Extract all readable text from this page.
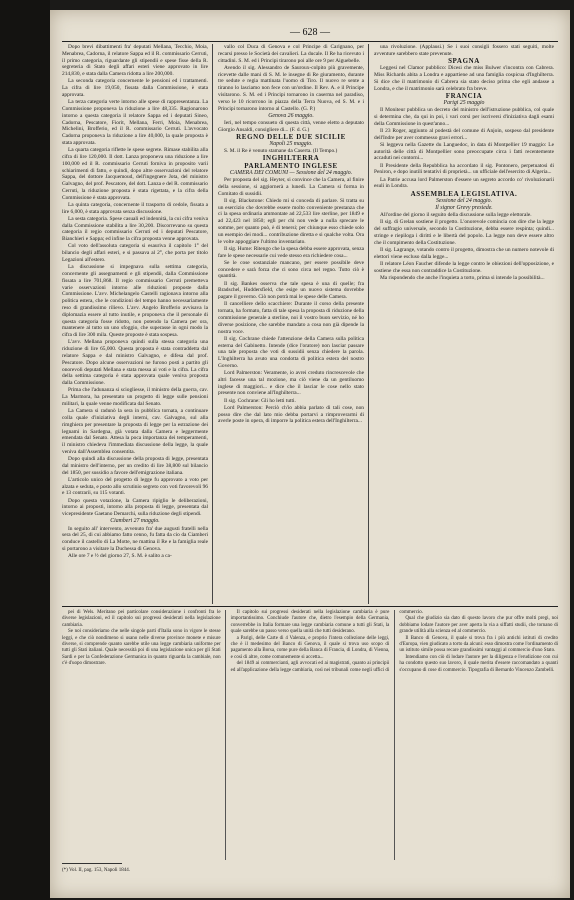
— 628 —

Dopo brevi dibattimenti fra' deputati Mellana, Tecchio, Moia, Menabrea, Cadorna, il relatore Sappa ed il R. commissario Cerruti, il primo categoria, riguardante gli stipendii e spese fisse della R. segreteria di Stato degli affari esteri viene approvato in lire 214,830, e stata dalla Camera ridotta a lire 200,000.

La seconda categoria concernente le pensioni ed i trattamenti. La cifra di lire 19,050, fissata dalla Commissione, è stata approvata.

La terza categoria verte intorno alle spese di rappresentanza. La Commissione proponeva la riduzione a lire 48,335. Ragionarono intorno a questa categoria il relatore Sappa ed i deputati Sineo, Cadorna, Pescatore, Fiorit, Mellana, Ferri, Moia, Menabrea, Michelini, Brofferio, ed il R. commissario Cerruti. L'avvocato Cadorna proponeva la riduzione a lire 40,000, la quale proposta è stata approvata.

La quarta categoria riflette le spese segrete. Rimase stabilita alla cifra di lire 120,000. Il dott. Lanza proponeva una riduzione a lire 100,000 ed il R. commissario Cerruti forniva in proposito varii schiarimenti di fatto, e quindi, dopo altre osservazioni del relatore Sappa, del dottore Jacquemoud, dell'ingegnere Jota, del ministro Galvagno, del prof. Pescatore, del dott. Lanza e del R. commissario Cerruti, la riduzione proposta è stata rigettata, e la cifra della Commissione è stata approvata.

La quinta categoria, concernente il trasporto di cedole, fissata a lire 6,000, è stata approvata senza discussione.

La sesta categoria. Spese casuali ed indennità, la cui cifra veniva dalla Commissione stabilita a lire 30,200. Discorrevano su questa categoria il regio commissario Cerruti ed i deputati Pescatore, Bianchieri e Sappa; ed infine la cifra proposta venne approvata.

Col voto dell'assoluta categoria si esauriva il capitolo 1° del bilancio degli affari esteri, e si passava al 2°, che porta per titolo Legazioni all'estero.

La discussione si impegnava sulla settima categoria, concernente gli assegnamenti e gli stipendii, dalla Commissione fissata a lire 701,868. Il regio commissario Cerruti premetteva varie osservazioni intorno alle riduzioni proposte dalla Commissione. L'avv. Michelangelo Castelli ragionava intorno alla politica estera, che le condizioni del tempo hanno necessariamente reso di grandissimo rilievo. L'avv. Angelo Brofferio avvisava la diplomazia essere al tutto inutile, e proponeva che il personale di questa categoria fosse ridotto, non potendo la Camera per ora, mantenere al tutto un uno sfoggio, che superasse in ogni modo la cifra di lire 300 mila. Queste proposte è stata sospesa.

L'avv. Mellana proponeva quindi sulla stessa categoria una riduzione di lire 65,000. Questa proposta è stata contraddetta dal relatore Sappa e dal ministro Galvagno, e difesa dal prof. Pescatore. Dopo alcune osservazioni ne furono posti a partito gli onorevoli deputati Mellana e stata messa ai voti e la cifra. La cifra della settima categoria è stata approvata quale veniva proposta dalla Commissione.

Prima che l'adunanza si sciogliesse, il ministro della guerra, cav. La Marmora, ha presentato un progetto di legge sulle pensioni militari, la quale venne modificata dal Senato.

La Camera si radunò la sera in pubblica tornata, a continuare colla quale d'iniziativa degli interni, cav. Galvagno, sul alla rimghiera per presentare la proposta di legge per la estrazione dei legnami in Sardegna, già votata dalla Camera e leggermente emendata dal Senato. Attesa la poca importanza dei temperamenti, il ministro chiedeva l'immediata discussione della legge, la quale veniva dall'Assemblea consentita.

Dopo quindi alla discussione della proposta di legge, presentata dal ministro dell'interno, per un credito di lire 38,800 sul bilancio del 1850, per sussidio a favore dell'emigrazione italiana.

L'articolo unico del progetto di legge fu approvato a voto per alzata e seduta, e posto allo scrutinio segreto con voti favorevoli 96 e 13 contrarii, su 115 votanti.

Dopo questa votazione, la Camera ripiglio le deliberazioni, intorno ai proposti, intorno alla proposta di legge, presentata dal vicepresidente Gaetano Demarchi, sulla riduzione degli stipendi.

Ciamberi 27 maggio.

In seguito all' intervento, avvenuto fra' due augusti fratelli nella sera del 25, di cui abbiamo fatto cenno, fu fatta da cio da Ciamberi conduce il castello di La Motte, ne mattina il Re e la famiglia reale si portarono a visitare la Duchessa di Genova.

Alle ore 7 e ½ del giorno 27, S. M. è salito a ca-

vallo col Duca di Genova e col Principe di Carignano, per recarsi presso le Società dei cavalieri. La ducale. Il Re ha ricevuto i cittadini. S. M. ed i Principi tirarono poi alle ore 9 per Aiguebelle.

Avendo il sig. Alessandro de Sauroux-colpito più gravemente, ricevette dalle mani di S. M. le insegne di Re giuramento, durante tre sedute e regia mattinata l'uomo di Tiro. Il nuovo re sente a tiranno lo lasciamo non fece con un'ordine. Il Rev. A. e il Principe visitarono. S. M. ed i Principi tornarono in caserma nel paradiso, verso le 10 ricorrono in piazza della Terra Nuova, ed S. M. e i Principi tornarono intorno al Castello. (G. P.)

Genova 26 maggio.

Ieri, nel tempo consueto di questa città, venne eletto a deputato Giorgio Ansaldi, consigliere di... (F. d. G.)

REGNO DELLE DUE SICILIE

Napoli 25 maggio.

S. M. il Re è venuto stamane da Caserta. (Il Tempo.)

INGHILTERRA

PARLAMENTO INGLESE

CAMERA DEI COMUNI — Sessione del 24 maggio.

Per proposta del sig. Heyter, si convince che la Camera, al finire della sessione, si aggiornerà a lunedì. La Camera si forma in Comitato di sussidii.

Il sig. Blackstone: Chiedo mi si conceda di parlare. Si tratta su un esercizio che dovrebbe essere molto conveniente prestanza che ci la spesa ordinaria ammontate ad 22,533 lire sterline, per 1849 e ad 22,423 nel 1850; egli per chi non vede a nulla sprecare le somme, per quanto può, è di tenersi; per chiunque esso chiede solo un esempio dei modi... contribuzione diretta e si qualche volta. Ora le volte appoggiare l'ultimo inventariato.

Il sig. Hume: Ritengo che la spesa debba essere approvata, senza fare le spese necessarie cui vede stesso era richiedere cosa...

Se le cose sostanziale mancano, per essere possibile deve concedere e sarà forza che ci sono circa nel regno. Tutto ciò è quantità.

Il sig. Bankes osserva che tale spesa è una di quelle; fra Bradschel, Huddersfield, che esige un nuovo sistema dovrebbe pagare il governo. Ciò non potrà mai le spese delle Camera.

Il cancelliere dello scacchiere: Durante il corso della presente tornata, ha formato, fatta di tale spesa la proposta di riduzione della commissione generale a sterline, noi il vostro buon servizio, né ho diverse posizione, che sarebbe mandato a cosa non già dipende la nostra voce.

Il sig. Cochrane chiede l'attenzione della Camera sulla politica esterna del Gabinetto. Intende (dice l'oratore) non lasciar passare una tale proposta che voti di sussidii senza chiedere la parola. L'Inghilterra ha avuto una condotta di politica estera del nostro Governo.

Lord Palmerston: Veramente, io avrei creduto rincrescevole che altri facesse una tal mozione, ma ciò viene da un gentiluomo inglese di maggiori... e dice che il lasciar le cose nello stato presente non conviene all'Inghilterra...

Il sig. Cochrane: Gli ho letti tutti.

Lord Palmerston: Perciò ch'io abbia parlato di tali cose, non posso dire che dal lato mio debba portarvi a rimproverarmi di averle poste in opera, di imporre la politica estera dell'Inghilterra...

una rivoluzione. (Applausi.) Se i suoi consigli fossero stati seguiti, molte avventure sarebbero state prevenute.

SPAGNA

Leggesi nel Clamor pubblico: Dicesi che miss Bulwer s'incontra con Cabrera. Miss Richards abita a Londra e appartiene ad una famiglia cospicua d'Inghilterra. Si dice che il matrimonio di Cabrera sia stato deciso prima che egli andasse a Londra, e che il matrimonio sarà celebrato fra breve.

FRANCIA

Parigi 25 maggio

Il Moniteur pubblica un decreto del ministro dell'istruzione pubblica, col quale si determina che, da qui in poi, i vari corsi per iscriversi d'iniziativa dagli esami della Commissione in quest'anno...

Il 23 Roger, aggiunto al podestà del comune di Anjoin, sospeso dal presidente dell'Indre per aver commesso gravi errori...

Si leggeva nella Gazette du Languedoc, in data di Montpellier 19 maggio: Le autorità delle città di Montpellier sono preoccupate circa i fatti recentemente accaduti nei contorni...

Il Presidente della Repubblica ha accordato il sig. Pontonero, perpetuatosi di Peniron, e dopo inutili tentativi di proprietà... un ufficiale dell'esercito di Algeria...

La Patrie accusa lord Palmerston d'essere un segreto accordo co' rivoluzionarii esuli in Londra.

ASSEMBLEA LEGISLATIVA.

Sessione del 24 maggio.

Il signor Grevy presiede.

All'ordine del giorno il seguito della discussione sulla legge elettorale.

Il sig. di Grelan sostiene il progetto. L'onorevole comincia con dire che la legge del suffragio universale, secondo la Costituzione, debba essere respinta; quindi... stringe e riepiloga i diritti e le libertà del popolo. La legge non deve essere altro che il compimento della Costituzione.

Il sig. Lagrange, votando contro il progetto, dimostra che un numero notevole di elettori viene escluso dalla legge...

Il relatore Léon Faucher difende la legge contro le obiezioni dell'opposizione, e sostiene che essa non contraddice la Costituzione.

Ma rispondendo che anche l'inquieta a torto, prima si intende la possibilità...

pei di Wels. Meritano pei particolare considerazione i confronti fra le diverse legislazioni, ed il capitolo sui progressi desiderati nella legislazione cambiaria.

Se noi consideriamo che nelle singole parti d'Italia sono in vigore le stesse leggi, e che ciò nondimeno si usano nelle diverse province monete e misure diverse, si comprende quanto sarebbe utile una legge cambiaria uniforme per tutti gli Stati italiani. Quale necessità poi di una legislazione unica per gli Stati Sardi e per la Confederazione Germanica in quanto riguarda la cambiale, non c'è d'uopo dimostrare.

Il capitolo sui progressi desiderati nella legislazione cambiaria è pure importantissimo. Conchiude l'autore che, dietro l'esempio della Germania, converrebbe in Italia formare una legge cambiaria comune a tutti gli Stati, la quale sarebbe un passo verso quella unità che tutti desiderano.

a Parigi, delle Carte di 4 Valenza, e proprio l'intera collezione delle leggi, che è il medesimo del Banco di Genova, il quale si trova uso scopo di pagamento alla Borsa, come pure della Banca di Francia, di Londra, di Vienna, e così di altre, come comunemente si accetta...

del 1849 ai commercianti, agli avvocati ed ai magistrati, quanto ai principii ed all'applicazione della legge cambiaria, così nei tribunali come negli uffici di commercio.

Qual che giudizio sia dato di questo lavoro che pur offre molti pregi, noi dobbiamo lodare l'autore per aver aperta la via a siffatti studii, che tornano di grande utilità alla scienza ed al commercio.

Il Banco di Genova, il quale si trova fra i più antichi istituti di credito d'Europa, vien giudicato a torto da alcuni: esso dimostra come l'ordinamento di un istituto simile possa recare grandissimi vantaggi al commercio d'uno Stato.

Intendiamo con ciò di lodare l'autore per la diligenza e l'erudizione con cui ha condotto questo suo lavoro, il quale merita d'essere raccomandato a quanti s'occupano di cose di commercio. Tipografia di Bernardo Vincenzo Zambelli.

(*) Vol. II, pag. 153, Napoli 1844.
